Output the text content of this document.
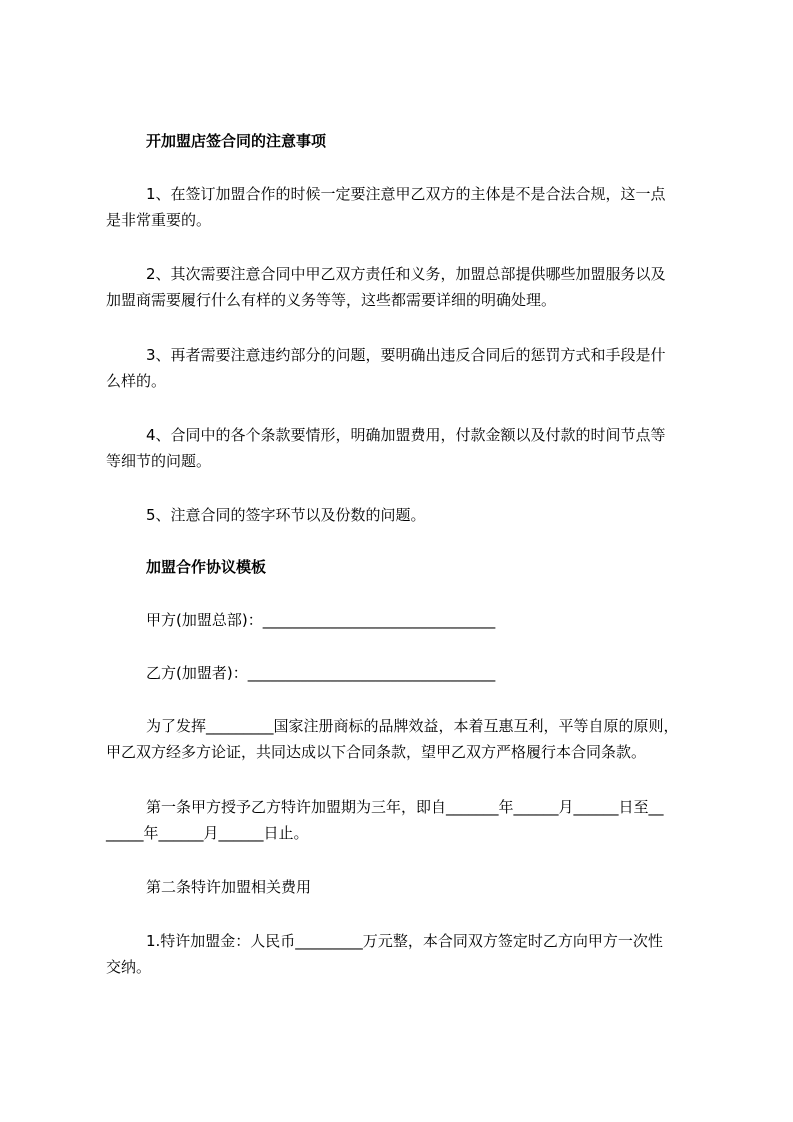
开加盟店签合同的注意事项
1、在签订加盟合作的时候一定要注意甲乙双方的主体是不是合法合规，这一点
是非常重要的。
2、其次需要注意合同中甲乙双方责任和义务，加盟总部提供哪些加盟服务以及
加盟商需要履行什么有样的义务等等，这些都需要详细的明确处理。
3、再者需要注意违约部分的问题，要明确出违反合同后的惩罚方式和手段是什
么样的。
4、合同中的各个条款要情形，明确加盟费用，付款金额以及付款的时间节点等
等细节的问题。
5、注意合同的签字环节以及份数的问题。
加盟合作协议模板
甲方(加盟总部)：_______________________________
乙方(加盟者)：_________________________________
为了发挥_________国家注册商标的品牌效益，本着互惠互利，平等自原的原则，
甲乙双方经多方论证，共同达成以下合同条款，望甲乙双方严格履行本合同条款。
第一条甲方授予乙方特许加盟期为三年，即自_______年______月______日至__
_____年______月______日止。
第二条特许加盟相关费用
1.特许加盟金：人民币_________万元整，本合同双方签定时乙方向甲方一次性
交纳。
